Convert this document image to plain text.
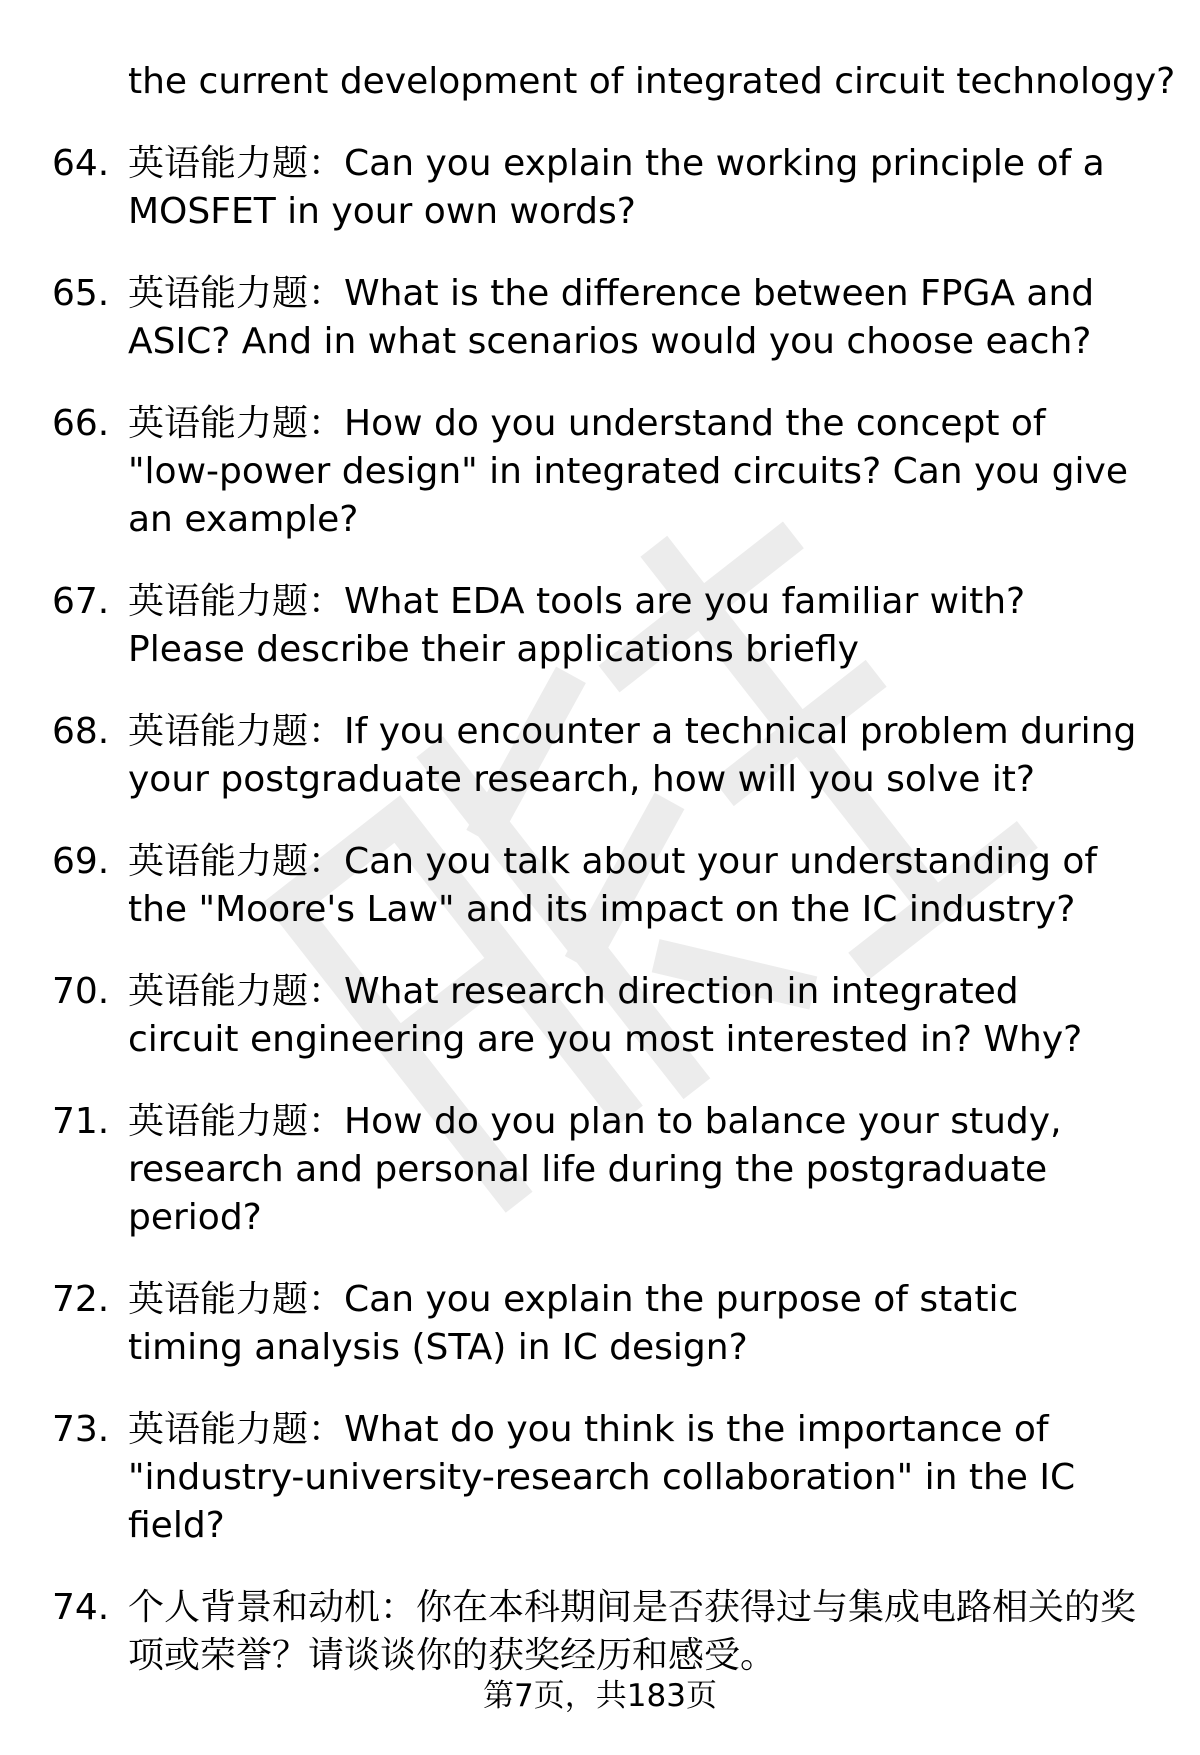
the current development of integrated circuit technology?
64. 英语能力题：Can you explain the working principle of a MOSFET in your own words?
65. 英语能力题：What is the difference between FPGA and ASIC? And in what scenarios would you choose each?
66. 英语能力题：How do you understand the concept of "low-power design" in integrated circuits? Can you give an example?
67. 英语能力题：What EDA tools are you familiar with? Please describe their applications briefly
68. 英语能力题：If you encounter a technical problem during your postgraduate research, how will you solve it?
69. 英语能力题：Can you talk about your understanding of the "Moore's Law" and its impact on the IC industry?
70. 英语能力题：What research direction in integrated circuit engineering are you most interested in? Why?
71. 英语能力题：How do you plan to balance your study, research and personal life during the postgraduate period?
72. 英语能力题：Can you explain the purpose of static timing analysis (STA) in IC design?
73. 英语能力题：What do you think is the importance of "industry-university-research collaboration" in the IC field?
74. 个人背景和动机：你在本科期间是否获得过与集成电路相关的奖项或荣誉？请谈谈你的获奖经历和感受。
第7页，共183页
